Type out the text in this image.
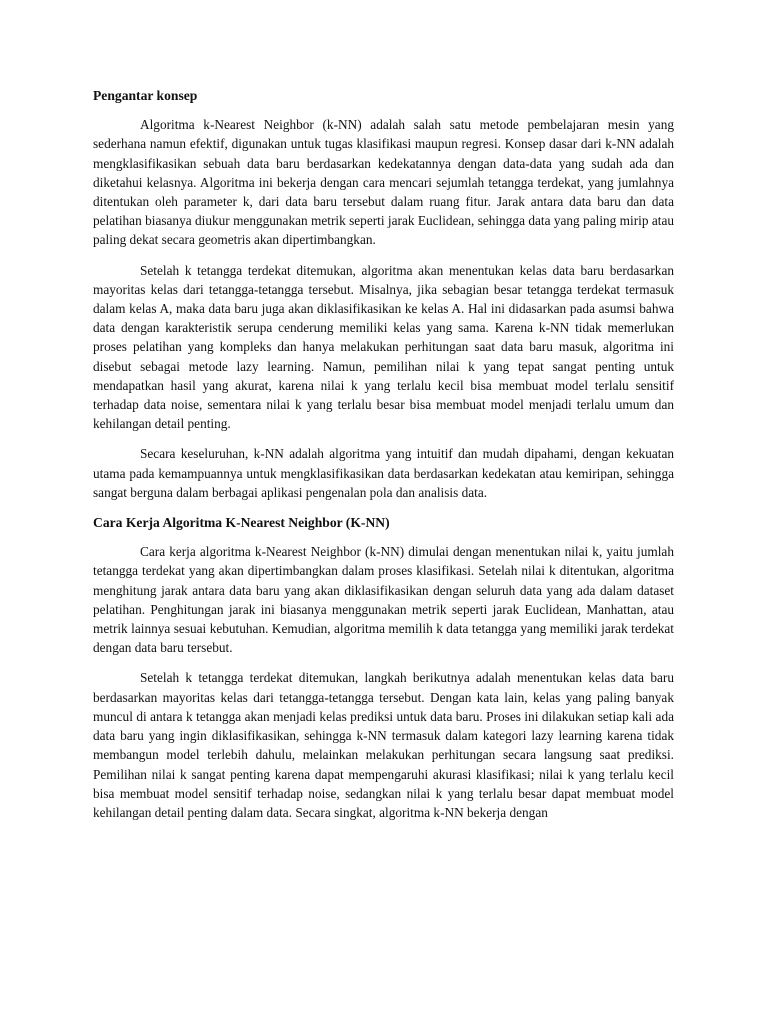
Pengantar konsep

Algoritma k-Nearest Neighbor (k-NN) adalah salah satu metode pembelajaran mesin yang sederhana namun efektif, digunakan untuk tugas klasifikasi maupun regresi. Konsep dasar dari k-NN adalah mengklasifikasikan sebuah data baru berdasarkan kedekatannya dengan data-data yang sudah ada dan diketahui kelasnya. Algoritma ini bekerja dengan cara mencari sejumlah tetangga terdekat, yang jumlahnya ditentukan oleh parameter k, dari data baru tersebut dalam ruang fitur. Jarak antara data baru dan data pelatihan biasanya diukur menggunakan metrik seperti jarak Euclidean, sehingga data yang paling mirip atau paling dekat secara geometris akan dipertimbangkan.

Setelah k tetangga terdekat ditemukan, algoritma akan menentukan kelas data baru berdasarkan mayoritas kelas dari tetangga-tetangga tersebut. Misalnya, jika sebagian besar tetangga terdekat termasuk dalam kelas A, maka data baru juga akan diklasifikasikan ke kelas A. Hal ini didasarkan pada asumsi bahwa data dengan karakteristik serupa cenderung memiliki kelas yang sama. Karena k-NN tidak memerlukan proses pelatihan yang kompleks dan hanya melakukan perhitungan saat data baru masuk, algoritma ini disebut sebagai metode lazy learning. Namun, pemilihan nilai k yang tepat sangat penting untuk mendapatkan hasil yang akurat, karena nilai k yang terlalu kecil bisa membuat model terlalu sensitif terhadap data noise, sementara nilai k yang terlalu besar bisa membuat model menjadi terlalu umum dan kehilangan detail penting.

Secara keseluruhan, k-NN adalah algoritma yang intuitif dan mudah dipahami, dengan kekuatan utama pada kemampuannya untuk mengklasifikasikan data berdasarkan kedekatan atau kemiripan, sehingga sangat berguna dalam berbagai aplikasi pengenalan pola dan analisis data.

Cara Kerja Algoritma K-Nearest Neighbor (K-NN)

Cara kerja algoritma k-Nearest Neighbor (k-NN) dimulai dengan menentukan nilai k, yaitu jumlah tetangga terdekat yang akan dipertimbangkan dalam proses klasifikasi. Setelah nilai k ditentukan, algoritma menghitung jarak antara data baru yang akan diklasifikasikan dengan seluruh data yang ada dalam dataset pelatihan. Penghitungan jarak ini biasanya menggunakan metrik seperti jarak Euclidean, Manhattan, atau metrik lainnya sesuai kebutuhan. Kemudian, algoritma memilih k data tetangga yang memiliki jarak terdekat dengan data baru tersebut.

Setelah k tetangga terdekat ditemukan, langkah berikutnya adalah menentukan kelas data baru berdasarkan mayoritas kelas dari tetangga-tetangga tersebut. Dengan kata lain, kelas yang paling banyak muncul di antara k tetangga akan menjadi kelas prediksi untuk data baru. Proses ini dilakukan setiap kali ada data baru yang ingin diklasifikasikan, sehingga k-NN termasuk dalam kategori lazy learning karena tidak membangun model terlebih dahulu, melainkan melakukan perhitungan secara langsung saat prediksi. Pemilihan nilai k sangat penting karena dapat mempengaruhi akurasi klasifikasi; nilai k yang terlalu kecil bisa membuat model sensitif terhadap noise, sedangkan nilai k yang terlalu besar dapat membuat model kehilangan detail penting dalam data. Secara singkat, algoritma k-NN bekerja dengan
